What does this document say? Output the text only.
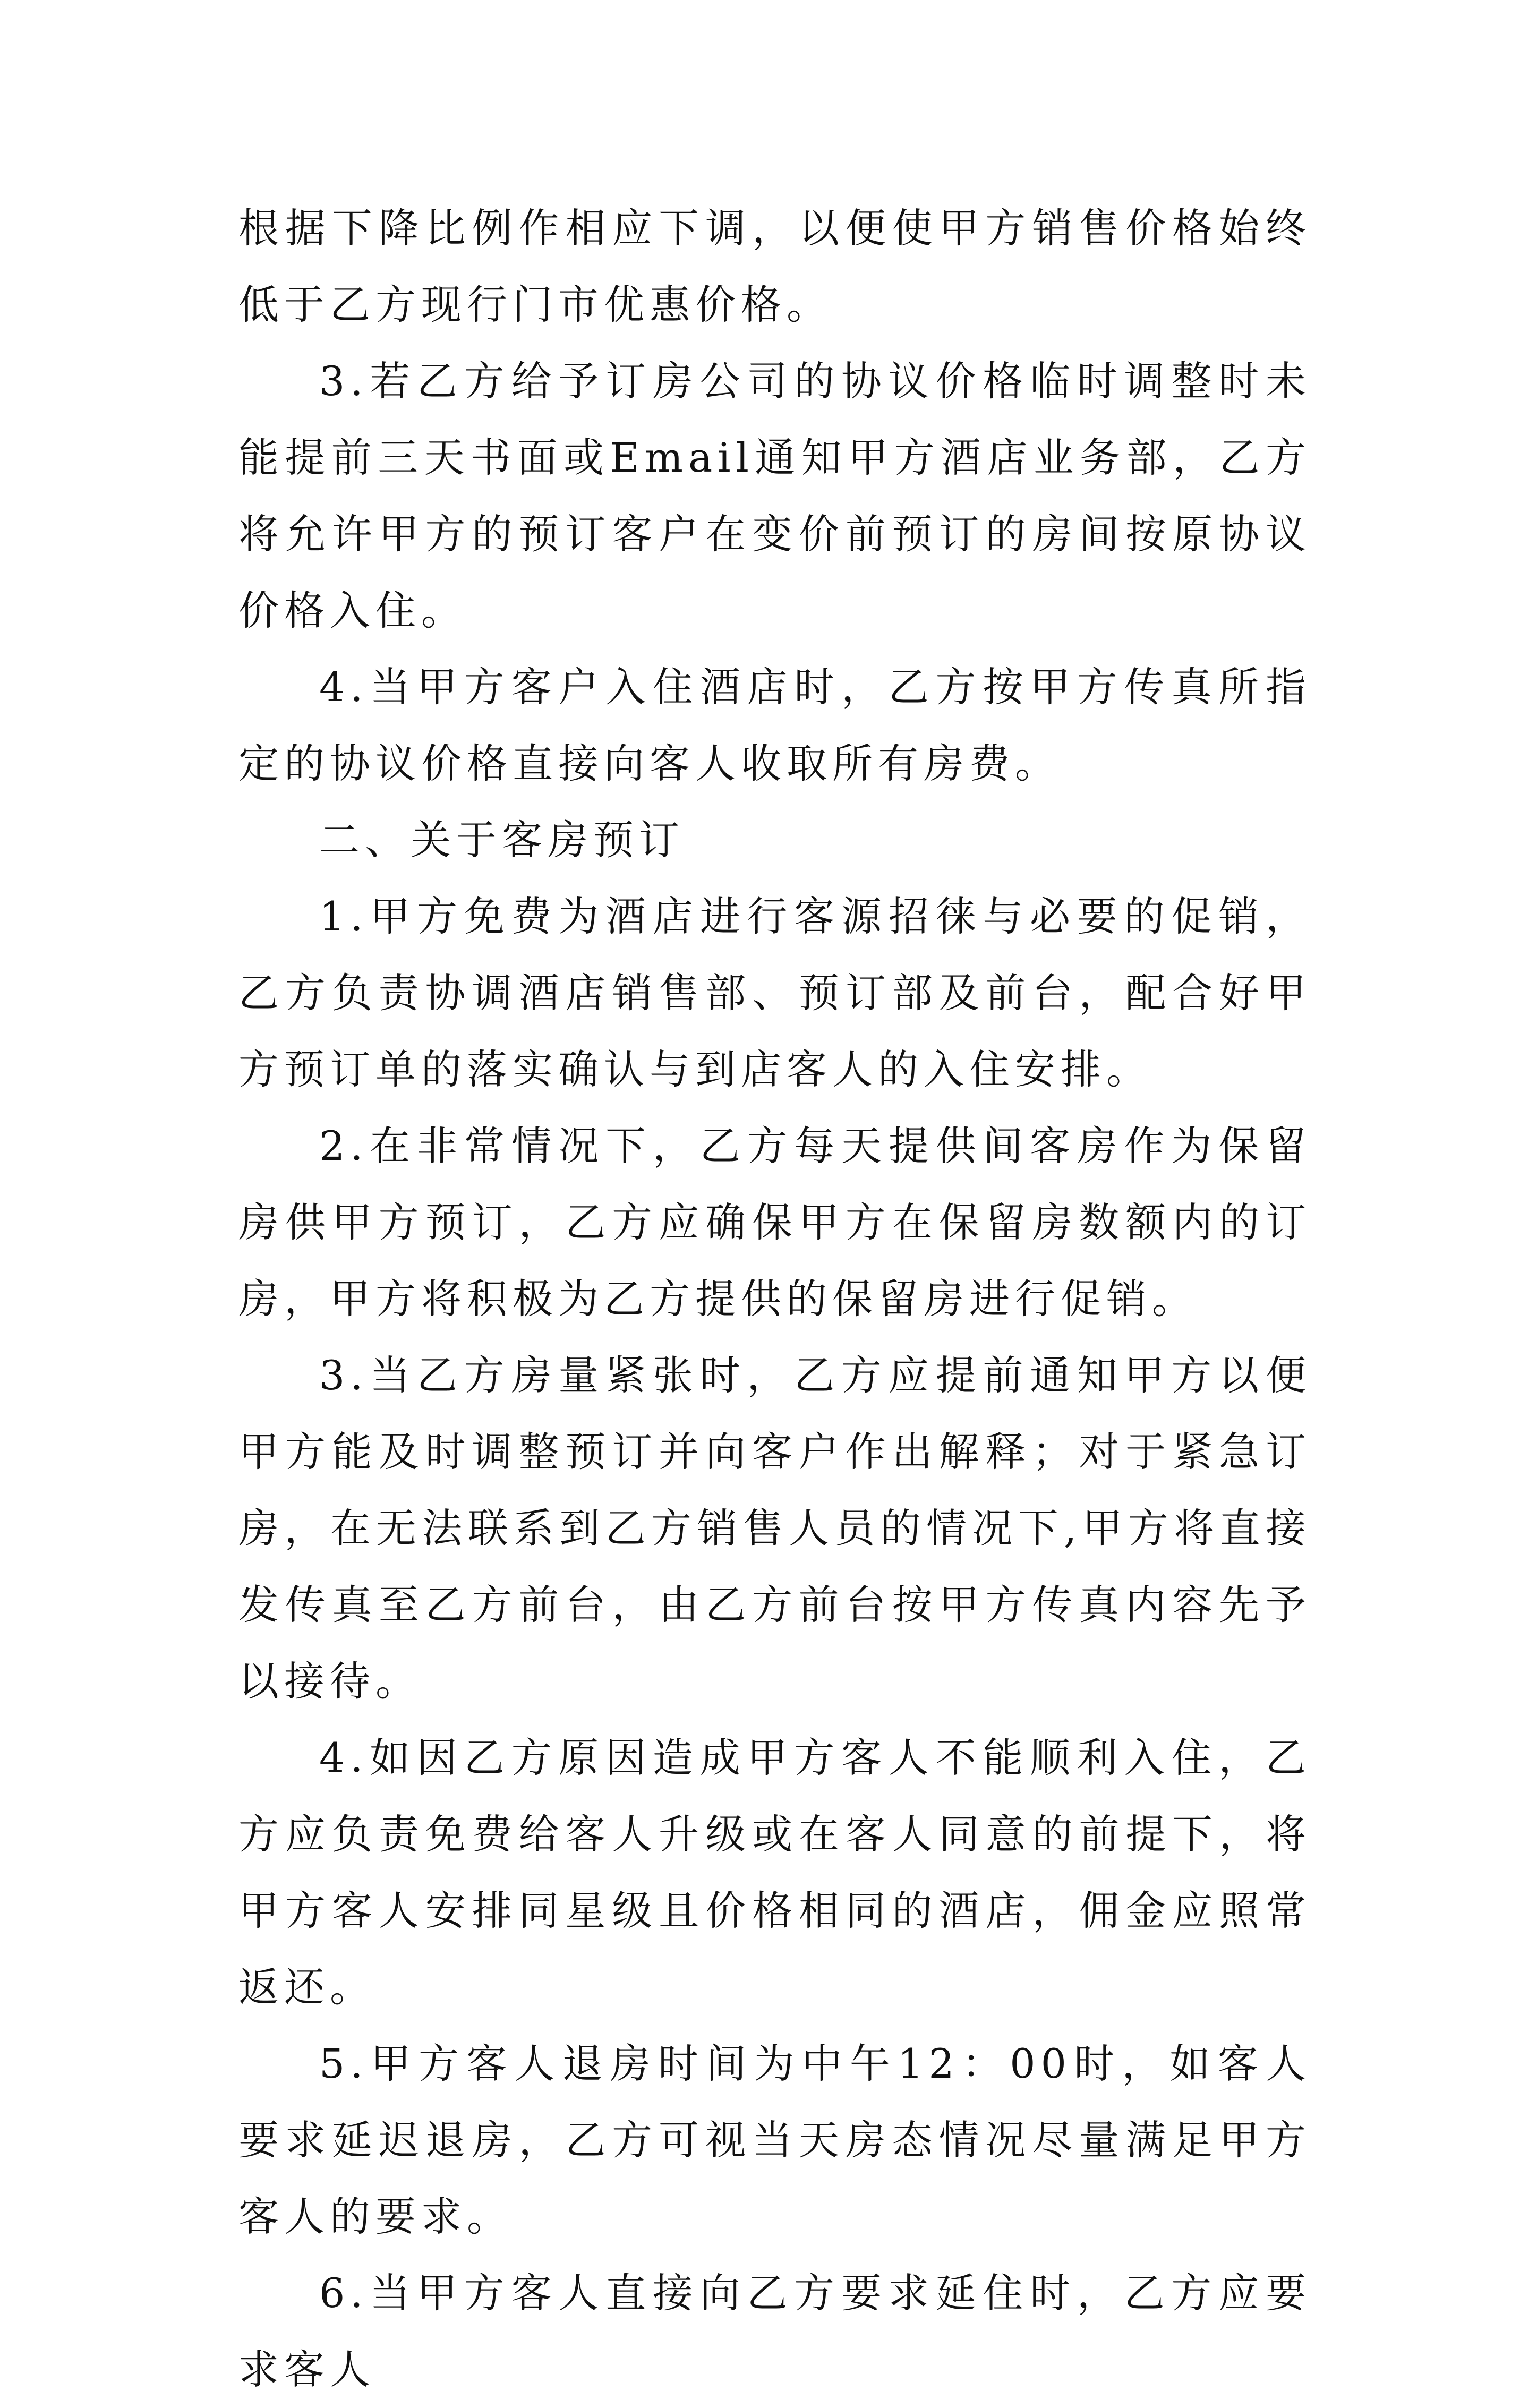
根据下降比例作相应下调，以便使甲方销售价格始终低于乙方现行门市优惠价格。

3.若乙方给予订房公司的协议价格临时调整时未能提前三天书面或Email通知甲方酒店业务部，乙方将允许甲方的预订客户在变价前预订的房间按原协议价格入住。

4.当甲方客户入住酒店时，乙方按甲方传真所指定的协议价格直接向客人收取所有房费。

二、关于客房预订

1.甲方免费为酒店进行客源招徕与必要的促销，乙方负责协调酒店销售部、预订部及前台，配合好甲方预订单的落实确认与到店客人的入住安排。

2.在非常情况下，乙方每天提供间客房作为保留房供甲方预订，乙方应确保甲方在保留房数额内的订房，甲方将积极为乙方提供的保留房进行促销。

3.当乙方房量紧张时，乙方应提前通知甲方以便甲方能及时调整预订并向客户作出解释；对于紧急订房，在无法联系到乙方销售人员的情况下,甲方将直接发传真至乙方前台，由乙方前台按甲方传真内容先予以接待。

4.如因乙方原因造成甲方客人不能顺利入住，乙方应负责免费给客人升级或在客人同意的前提下，将甲方客人安排同星级且价格相同的酒店，佣金应照常返还。

5.甲方客人退房时间为中午12：00时，如客人要求延迟退房，乙方可视当天房态情况尽量满足甲方客人的要求。

6.当甲方客人直接向乙方要求延住时，乙方应要求客人
